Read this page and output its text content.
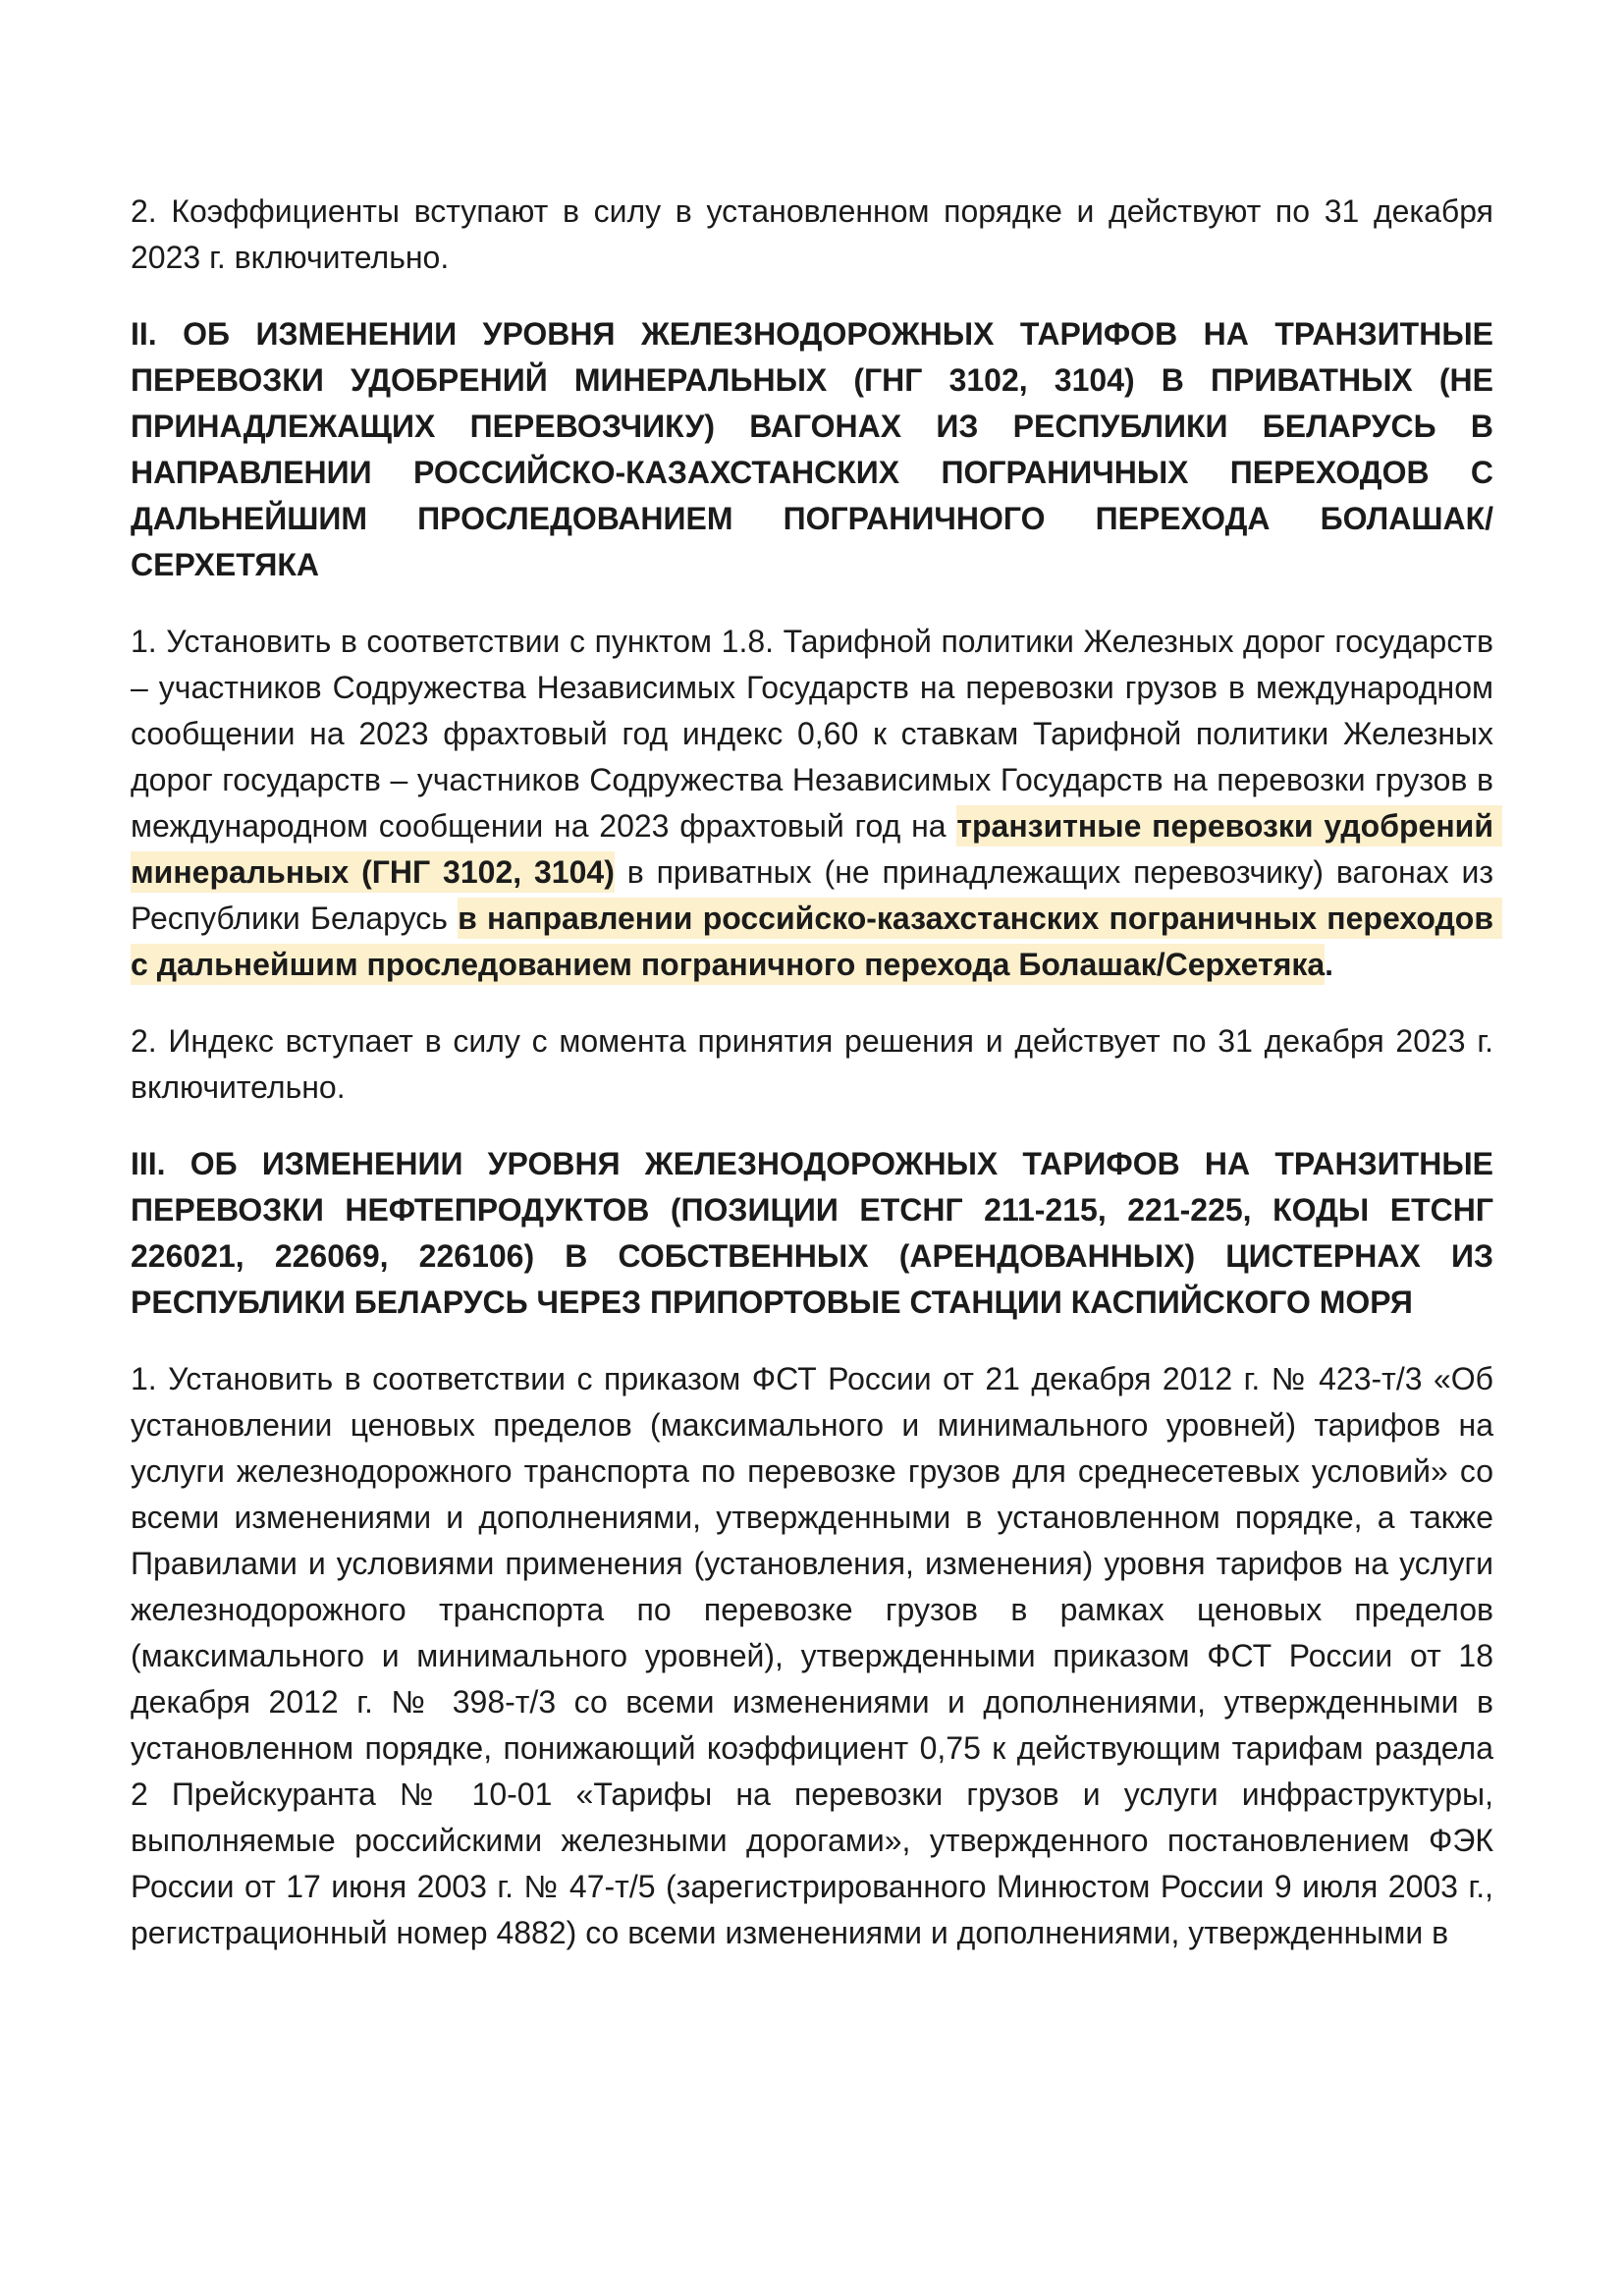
2. Коэффициенты вступают в силу в установленном порядке и действуют по 31 декабря 2023 г. включительно.

II. ОБ ИЗМЕНЕНИИ УРОВНЯ ЖЕЛЕЗНОДОРОЖНЫХ ТАРИФОВ НА ТРАНЗИТНЫЕ ПЕРЕВОЗКИ УДОБРЕНИЙ МИНЕРАЛЬНЫХ (ГНГ 3102, 3104) В ПРИВАТНЫХ (НЕ ПРИНАДЛЕЖАЩИХ ПЕРЕВОЗЧИКУ) ВАГОНАХ ИЗ РЕСПУБЛИКИ БЕЛАРУСЬ В НАПРАВЛЕНИИ РОССИЙСКО-КАЗАХСТАНСКИХ ПОГРАНИЧНЫХ ПЕРЕХОДОВ С ДАЛЬНЕЙШИМ ПРОСЛЕДОВАНИЕМ ПОГРАНИЧНОГО ПЕРЕХОДА БОЛАШАК/СЕРХЕТЯКА

1. Установить в соответствии с пунктом 1.8. Тарифной политики Железных дорог государств – участников Содружества Независимых Государств на перевозки грузов в международном сообщении на 2023 фрахтовый год индекс 0,60 к ставкам Тарифной политики Железных дорог государств – участников Содружества Независимых Государств на перевозки грузов в международном сообщении на 2023 фрахтовый год на транзитные перевозки удобрений минеральных (ГНГ 3102, 3104) в приватных (не принадлежащих перевозчику) вагонах из Республики Беларусь в направлении российско-казахстанских пограничных переходов с дальнейшим проследованием пограничного перехода Болашак/Серхетяка.

2. Индекс вступает в силу с момента принятия решения и действует по 31 декабря 2023 г. включительно.

III. ОБ ИЗМЕНЕНИИ УРОВНЯ ЖЕЛЕЗНОДОРОЖНЫХ ТАРИФОВ НА ТРАНЗИТНЫЕ ПЕРЕВОЗКИ НЕФТЕПРОДУКТОВ (ПОЗИЦИИ ЕТСНГ 211-215, 221-225, КОДЫ ЕТСНГ 226021, 226069, 226106) В СОБСТВЕННЫХ (АРЕНДОВАННЫХ) ЦИСТЕРНАХ ИЗ РЕСПУБЛИКИ БЕЛАРУСЬ ЧЕРЕЗ ПРИПОРТОВЫЕ СТАНЦИИ КАСПИЙСКОГО МОРЯ

1. Установить в соответствии с приказом ФСТ России от 21 декабря 2012 г. № 423-т/3 «Об установлении ценовых пределов (максимального и минимального уровней) тарифов на услуги железнодорожного транспорта по перевозке грузов для среднесетевых условий» со всеми изменениями и дополнениями, утвержденными в установленном порядке, а также Правилами и условиями применения (установления, изменения) уровня тарифов на услуги железнодорожного транспорта по перевозке грузов в рамках ценовых пределов (максимального и минимального уровней), утвержденными приказом ФСТ России от 18 декабря 2012 г. № 398-т/3 со всеми изменениями и дополнениями, утвержденными в установленном порядке, понижающий коэффициент 0,75 к действующим тарифам раздела 2 Прейскуранта № 10-01 «Тарифы на перевозки грузов и услуги инфраструктуры, выполняемые российскими железными дорогами», утвержденного постановлением ФЭК России от 17 июня 2003 г. № 47-т/5 (зарегистрированного Минюстом России 9 июля 2003 г., регистрационный номер 4882) со всеми изменениями и дополнениями, утвержденными в
